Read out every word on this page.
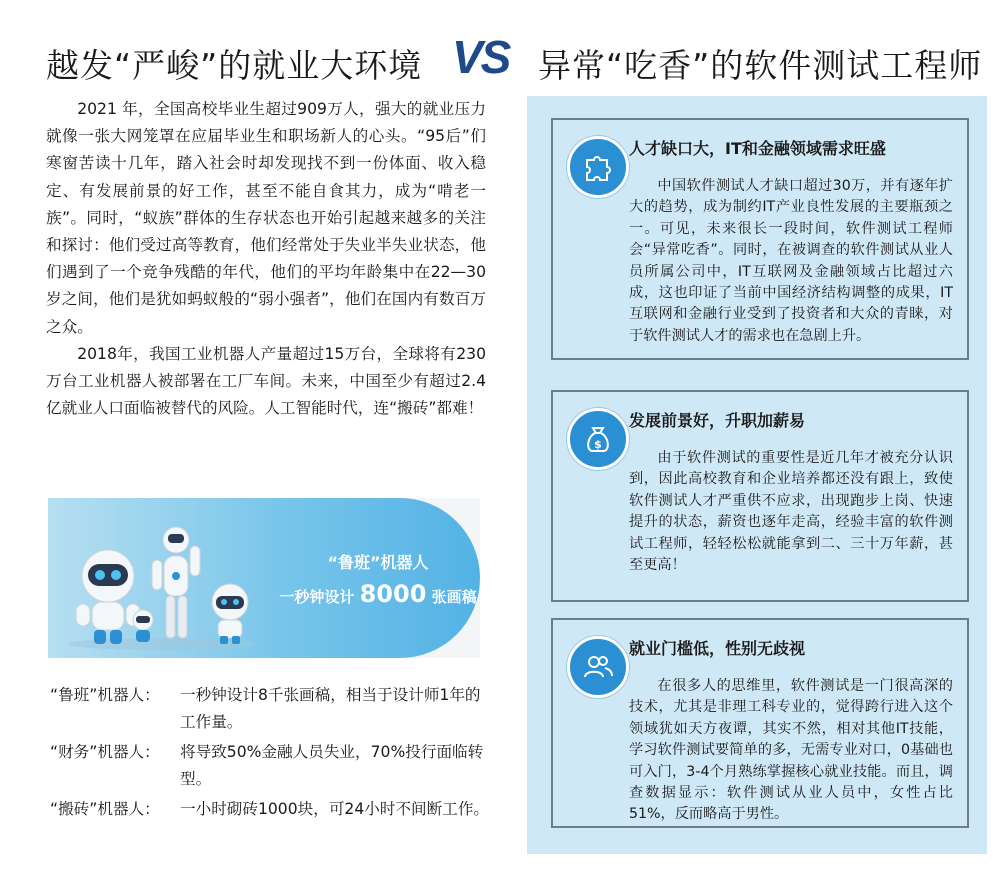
越发“严峻”的就业大环境 VS 异常“吃香”的软件测试工程师

2021 年，全国高校毕业生超过909万人，强大的就业压力就像一张大网笼罩在应届毕业生和职场新人的心头。“95后”们寒窗苦读十几年，踏入社会时却发现找不到一份体面、收入稳定、有发展前景的好工作，甚至不能自食其力，成为“啃老一族”。同时，“蚁族”群体的生存状态也开始引起越来越多的关注和探讨：他们受过高等教育，他们经常处于失业半失业状态，他们遇到了一个竞争残酷的年代，他们的平均年龄集中在22—30岁之间，他们是犹如蚂蚁般的“弱小强者”，他们在国内有数百万之众。

2018年，我国工业机器人产量超过15万台，全球将有230万台工业机器人被部署在工厂车间。未来，中国至少有超过2.4亿就业人口面临被替代的风险。人工智能时代，连“搬砖”都难！

“鲁班”机器人
一秒钟设计 8000 张画稿
“鲁班”机器人：	一秒钟设计8千张画稿，相当于设计师1年的工作量。
“财务”机器人：	将导致50%金融人员失业，70%投行面临转型。
“搬砖”机器人：	一小时砌砖1000块，可24小时不间断工作。
人才缺口大，IT和金融领域需求旺盛
中国软件测试人才缺口超过30万，并有逐年扩大的趋势，成为制约IT产业良性发展的主要瓶颈之一。可见，未来很长一段时间，软件测试工程师会“异常吃香”。同时，在被调查的软件测试从业人员所属公司中，IT互联网及金融领域占比超过六成，这也印证了当前中国经济结构调整的成果，IT互联网和金融行业受到了投资者和大众的青睐，对于软件测试人才的需求也在急剧上升。
$
发展前景好，升职加薪易
由于软件测试的重要性是近几年才被充分认识到，因此高校教育和企业培养都还没有跟上，致使软件测试人才严重供不应求，出现跑步上岗、快速提升的状态，薪资也逐年走高，经验丰富的软件测试工程师，轻轻松松就能拿到二、三十万年薪，甚至更高！
就业门槛低，性别无歧视
在很多人的思维里，软件测试是一门很高深的技术，尤其是非理工科专业的，觉得跨行进入这个领域犹如天方夜谭，其实不然，相对其他IT技能，学习软件测试要简单的多，无需专业对口，0基础也可入门，3-4个月熟练掌握核心就业技能。而且，调查数据显示：软件测试从业人员中，女性占比51%，反而略高于男性。
